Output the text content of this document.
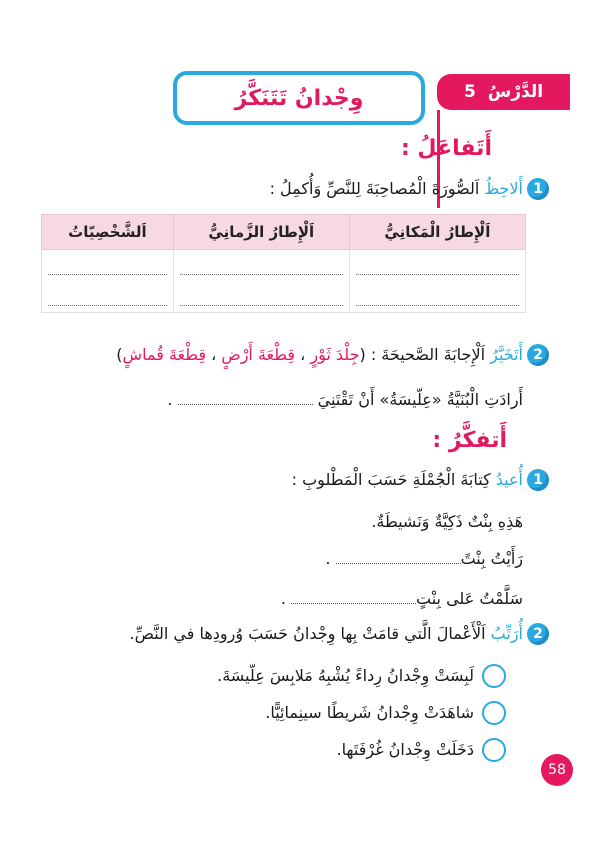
الدَّرْسُ
5
وِجْدانُ تَتَنَكَّرُ
أَتَفاعَلُ :
1
أَلاحِظُ اَلصُّورَةَ الْمُصاحِبَةَ لِلنَّصِّ وَأُكمِلُ :
اَلْإِطارُ الْمَكانِيُّ	اَلْإِطارُ الزَّمانِيُّ	اَلشَّخْصِيّاتُ

2
أَتَخَيَّرُ اَلْإِجابَةَ الصَّحيحَةَ : (جِلْدَ ثَوْرٍ ، قِطْعَةَ أَرْضٍ ، قِطْعَةَ قُماشٍ)
أَرادَتِ الْبُنَيَّةُ «عِلّيسَةُ» أَنْ تَقْتَنِيَ  .
أَتفكَّرُ :
1
أُعيدُ كِتابَةَ الْجُمْلَةِ حَسَبَ الْمَطْلوبِ :
هَذِهِ بِنْتٌ ذَكِيَّةٌ وَنَشيطَةٌ.
رَأَيْتُ بِنْتً .
سَلَّمْتُ عَلى بِنْتٍ .
2
أُرَتِّبُ اَلْأَعْمالَ الَّتي قامَتْ بِها وِجْدانُ حَسَبَ وُرودِها في النَّصِّ.
لَبِسَتْ وِجْدانُ رِداءً يُشْبِهُ مَلابِسَ عِلّيسَةَ.
شاهَدَتْ وِجْدانُ شَريطًا سينِمائِيًّا.
دَخَلَتْ وِجْدانُ غُرْفَتَها.
58
